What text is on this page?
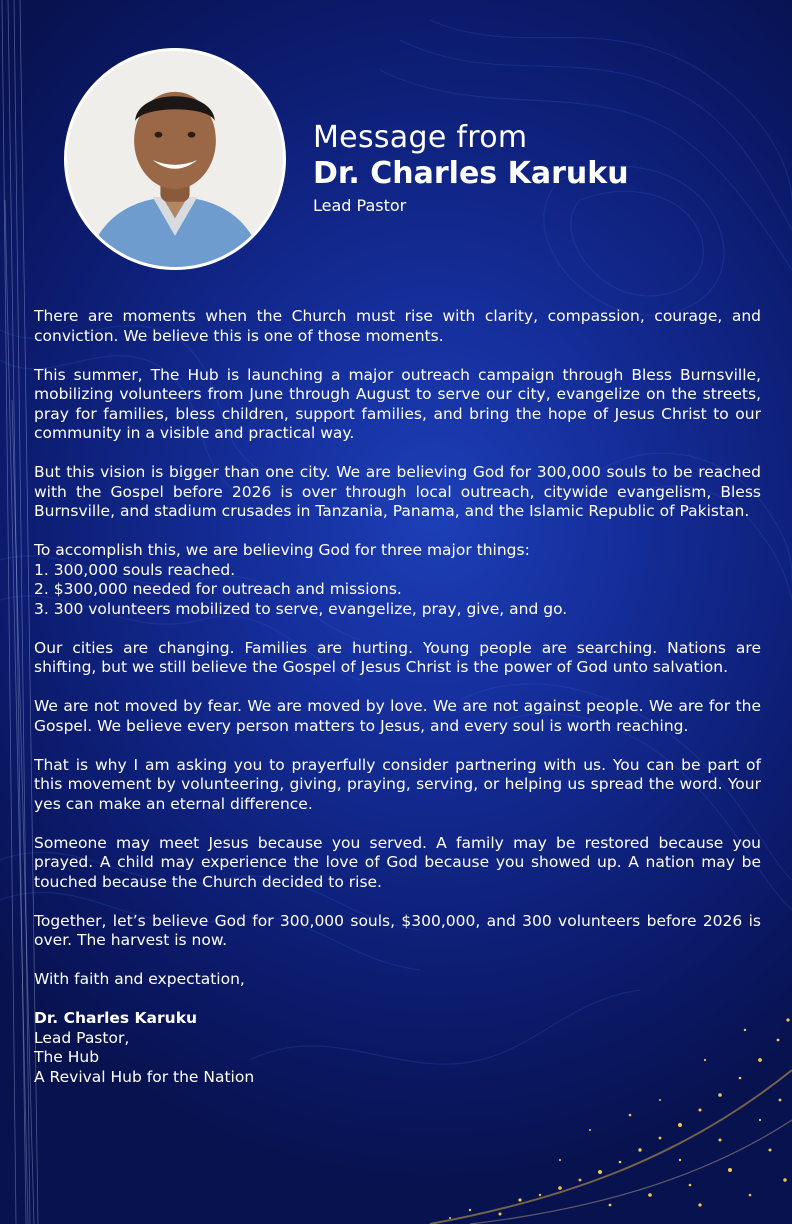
Message from
Dr. Charles Karuku
Lead Pastor

There are moments when the Church must rise with clarity, compassion, courage, and conviction. We believe this is one of those moments.

This summer, The Hub is launching a major outreach campaign through Bless Burnsville, mobilizing volunteers from June through August to serve our city, evangelize on the streets, pray for families, bless children, support families, and bring the hope of Jesus Christ to our community in a visible and practical way.

But this vision is bigger than one city. We are believing God for 300,000 souls to be reached with the Gospel before 2026 is over through local outreach, citywide evangelism, Bless Burnsville, and stadium crusades in Tanzania, Panama, and the Islamic Republic of Pakistan.

To accomplish this, we are believing God for three major things:
1. 300,000 souls reached.
2. $300,000 needed for outreach and missions.
3. 300 volunteers mobilized to serve, evangelize, pray, give, and go.

Our cities are changing. Families are hurting. Young people are searching. Nations are shifting, but we still believe the Gospel of Jesus Christ is the power of God unto salvation.

We are not moved by fear. We are moved by love. We are not against people. We are for the Gospel. We believe every person matters to Jesus, and every soul is worth reaching.

That is why I am asking you to prayerfully consider partnering with us. You can be part of this movement by volunteering, giving, praying, serving, or helping us spread the word. Your yes can make an eternal difference.

Someone may meet Jesus because you served. A family may be restored because you prayed. A child may experience the love of God because you showed up. A nation may be touched because the Church decided to rise.

Together, let’s believe God for 300,000 souls, $300,000, and 300 volunteers before 2026 is over. The harvest is now.

With faith and expectation,

Dr. Charles Karuku
Lead Pastor,
The Hub
A Revival Hub for the Nation
